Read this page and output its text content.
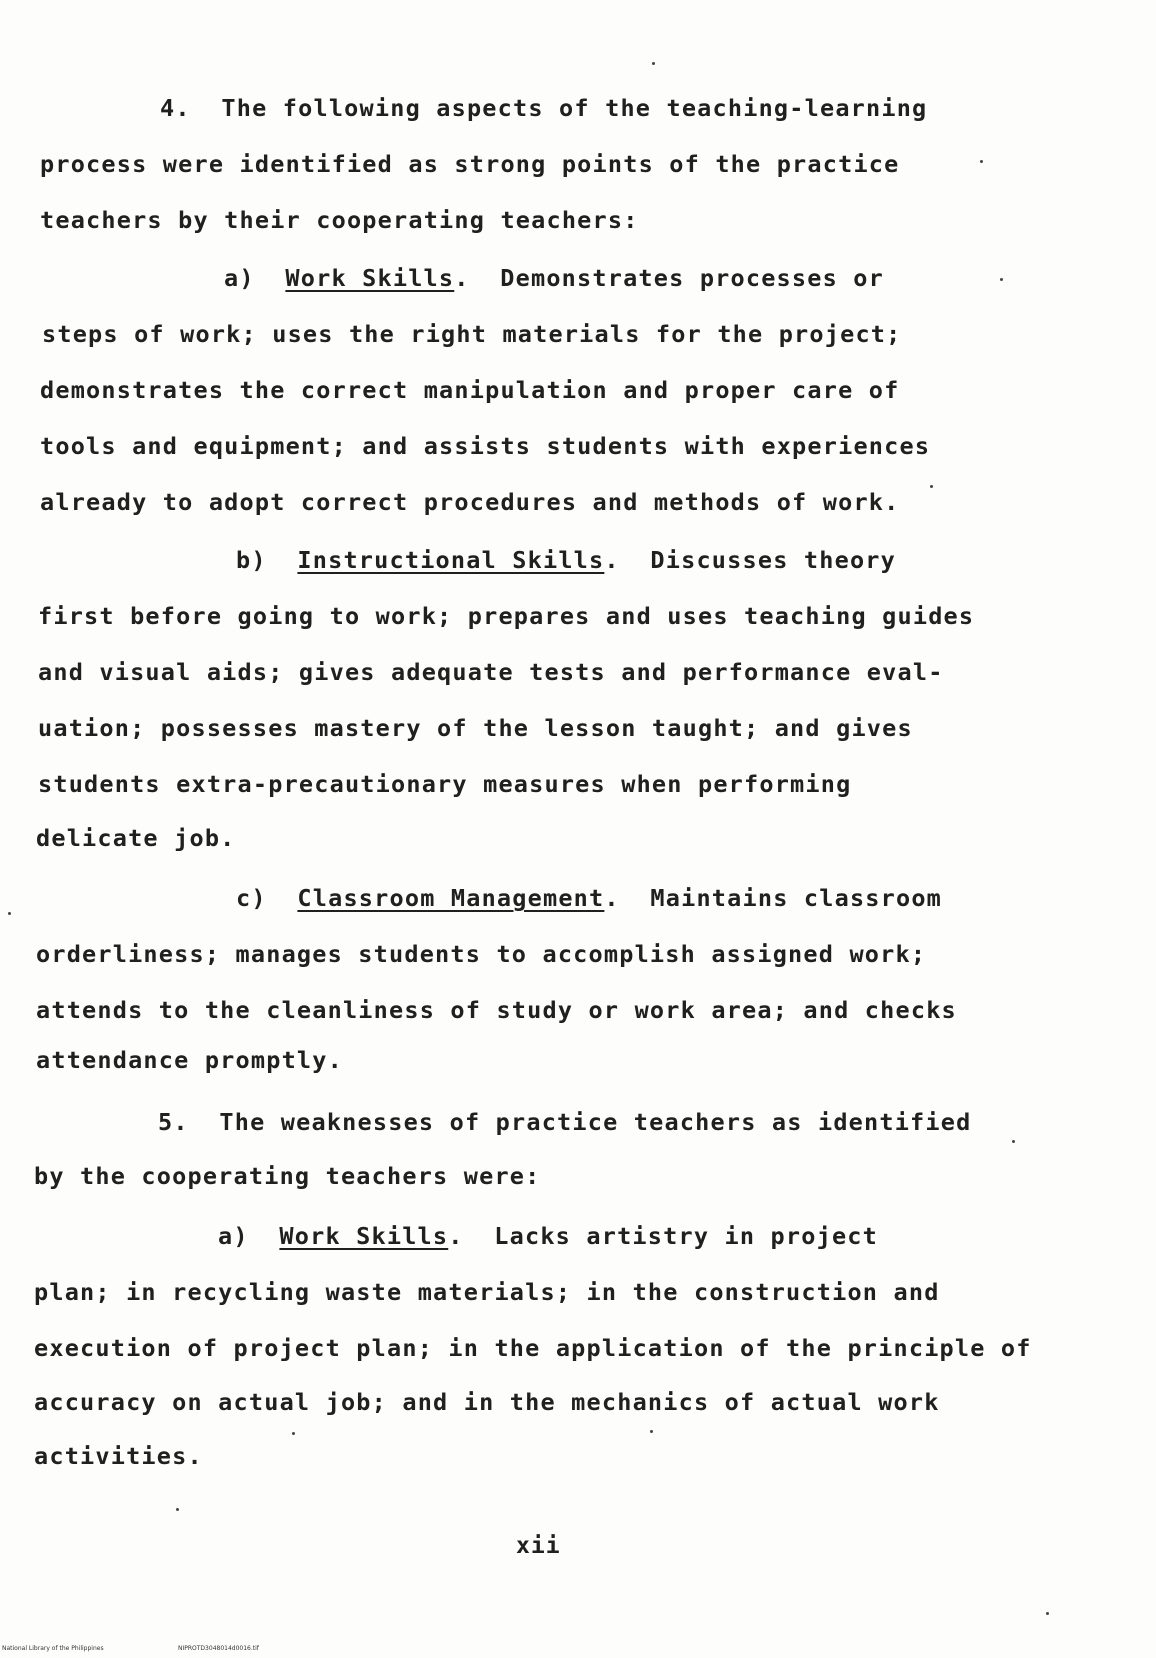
4.  The following aspects of the teaching-learning
process were identified as strong points of the practice
teachers by their cooperating teachers:
a) Work Skills.  Demonstrates processes or
steps of work; uses the right materials for the project;
demonstrates the correct manipulation and proper care of
tools and equipment; and assists students with experiences
already to adopt correct procedures and methods of work.
b) Instructional Skills.  Discusses theory
first before going to work; prepares and uses teaching guides
and visual aids; gives adequate tests and performance eval-
uation; possesses mastery of the lesson taught; and gives
students extra-precautionary measures when performing
delicate job.
c) Classroom Management.  Maintains classroom
orderliness; manages students to accomplish assigned work;
attends to the cleanliness of study or work area; and checks
attendance promptly.
5.  The weaknesses of practice teachers as identified
by the cooperating teachers were:
a) Work Skills.  Lacks artistry in project
plan; in recycling waste materials; in the construction and
execution of project plan; in the application of the principle of
accuracy on actual job; and in the mechanics of actual work
activities.
xii
National Library of the Philippines	NIPROTD3048014d0016.tif
